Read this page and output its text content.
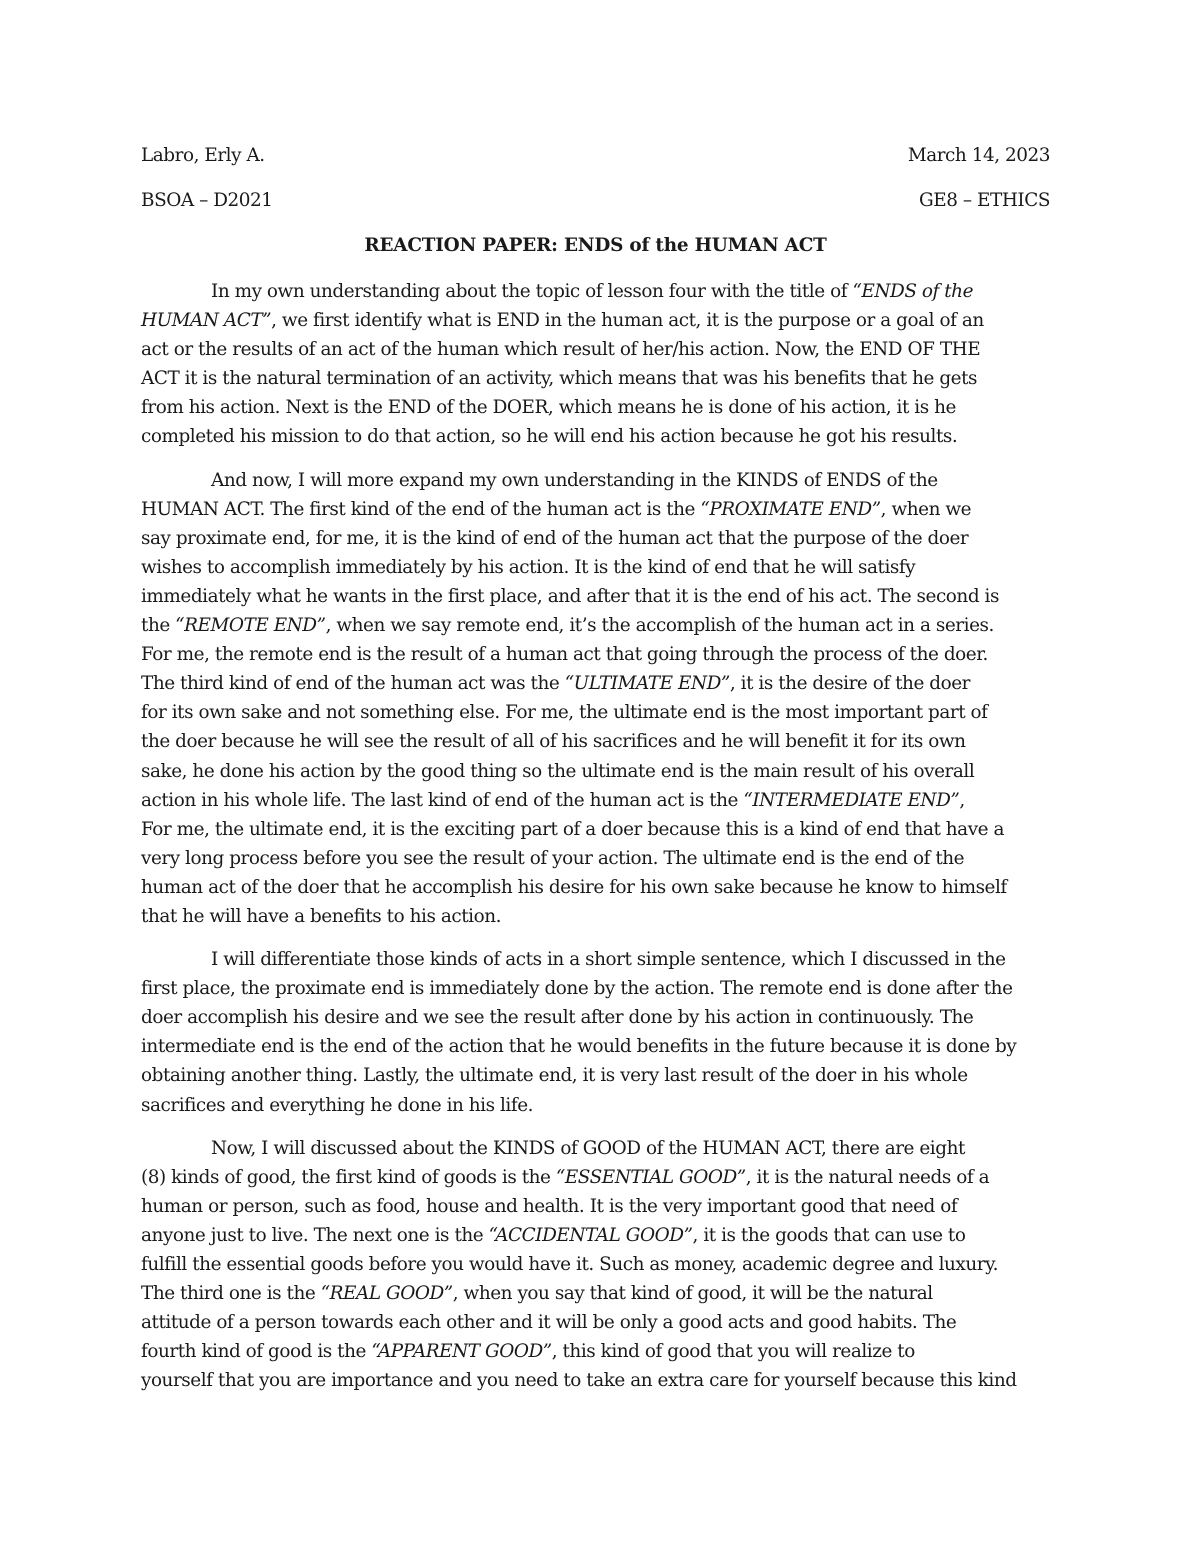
Labro, Erly A.	March 14, 2023
BSOA – D2021	GE8 – ETHICS
REACTION PAPER: ENDS of the HUMAN ACT
In my own understanding about the topic of lesson four with the title of “ENDS of the
HUMAN ACT”, we first identify what is END in the human act, it is the purpose or a goal of an
act or the results of an act of the human which result of her/his action. Now, the END OF THE
ACT it is the natural termination of an activity, which means that was his benefits that he gets
from his action. Next is the END of the DOER, which means he is done of his action, it is he
completed his mission to do that action, so he will end his action because he got his results.
And now, I will more expand my own understanding in the KINDS of ENDS of the
HUMAN ACT. The first kind of the end of the human act is the “PROXIMATE END”, when we
say proximate end, for me, it is the kind of end of the human act that the purpose of the doer
wishes to accomplish immediately by his action. It is the kind of end that he will satisfy
immediately what he wants in the first place, and after that it is the end of his act. The second is
the “REMOTE END”, when we say remote end, it’s the accomplish of the human act in a series.
For me, the remote end is the result of a human act that going through the process of the doer.
The third kind of end of the human act was the “ULTIMATE END”, it is the desire of the doer
for its own sake and not something else. For me, the ultimate end is the most important part of
the doer because he will see the result of all of his sacrifices and he will benefit it for its own
sake, he done his action by the good thing so the ultimate end is the main result of his overall
action in his whole life. The last kind of end of the human act is the “INTERMEDIATE END”,
For me, the ultimate end, it is the exciting part of a doer because this is a kind of end that have a
very long process before you see the result of your action. The ultimate end is the end of the
human act of the doer that he accomplish his desire for his own sake because he know to himself
that he will have a benefits to his action.
I will differentiate those kinds of acts in a short simple sentence, which I discussed in the
first place, the proximate end is immediately done by the action. The remote end is done after the
doer accomplish his desire and we see the result after done by his action in continuously. The
intermediate end is the end of the action that he would benefits in the future because it is done by
obtaining another thing. Lastly, the ultimate end, it is very last result of the doer in his whole
sacrifices and everything he done in his life.
Now, I will discussed about the KINDS of GOOD of the HUMAN ACT, there are eight
(8) kinds of good, the first kind of goods is the “ESSENTIAL GOOD”, it is the natural needs of a
human or person, such as food, house and health. It is the very important good that need of
anyone just to live. The next one is the “ACCIDENTAL GOOD”, it is the goods that can use to
fulfill the essential goods before you would have it. Such as money, academic degree and luxury.
The third one is the “REAL GOOD”, when you say that kind of good, it will be the natural
attitude of a person towards each other and it will be only a good acts and good habits. The
fourth kind of good is the “APPARENT GOOD”, this kind of good that you will realize to
yourself that you are importance and you need to take an extra care for yourself because this kind
